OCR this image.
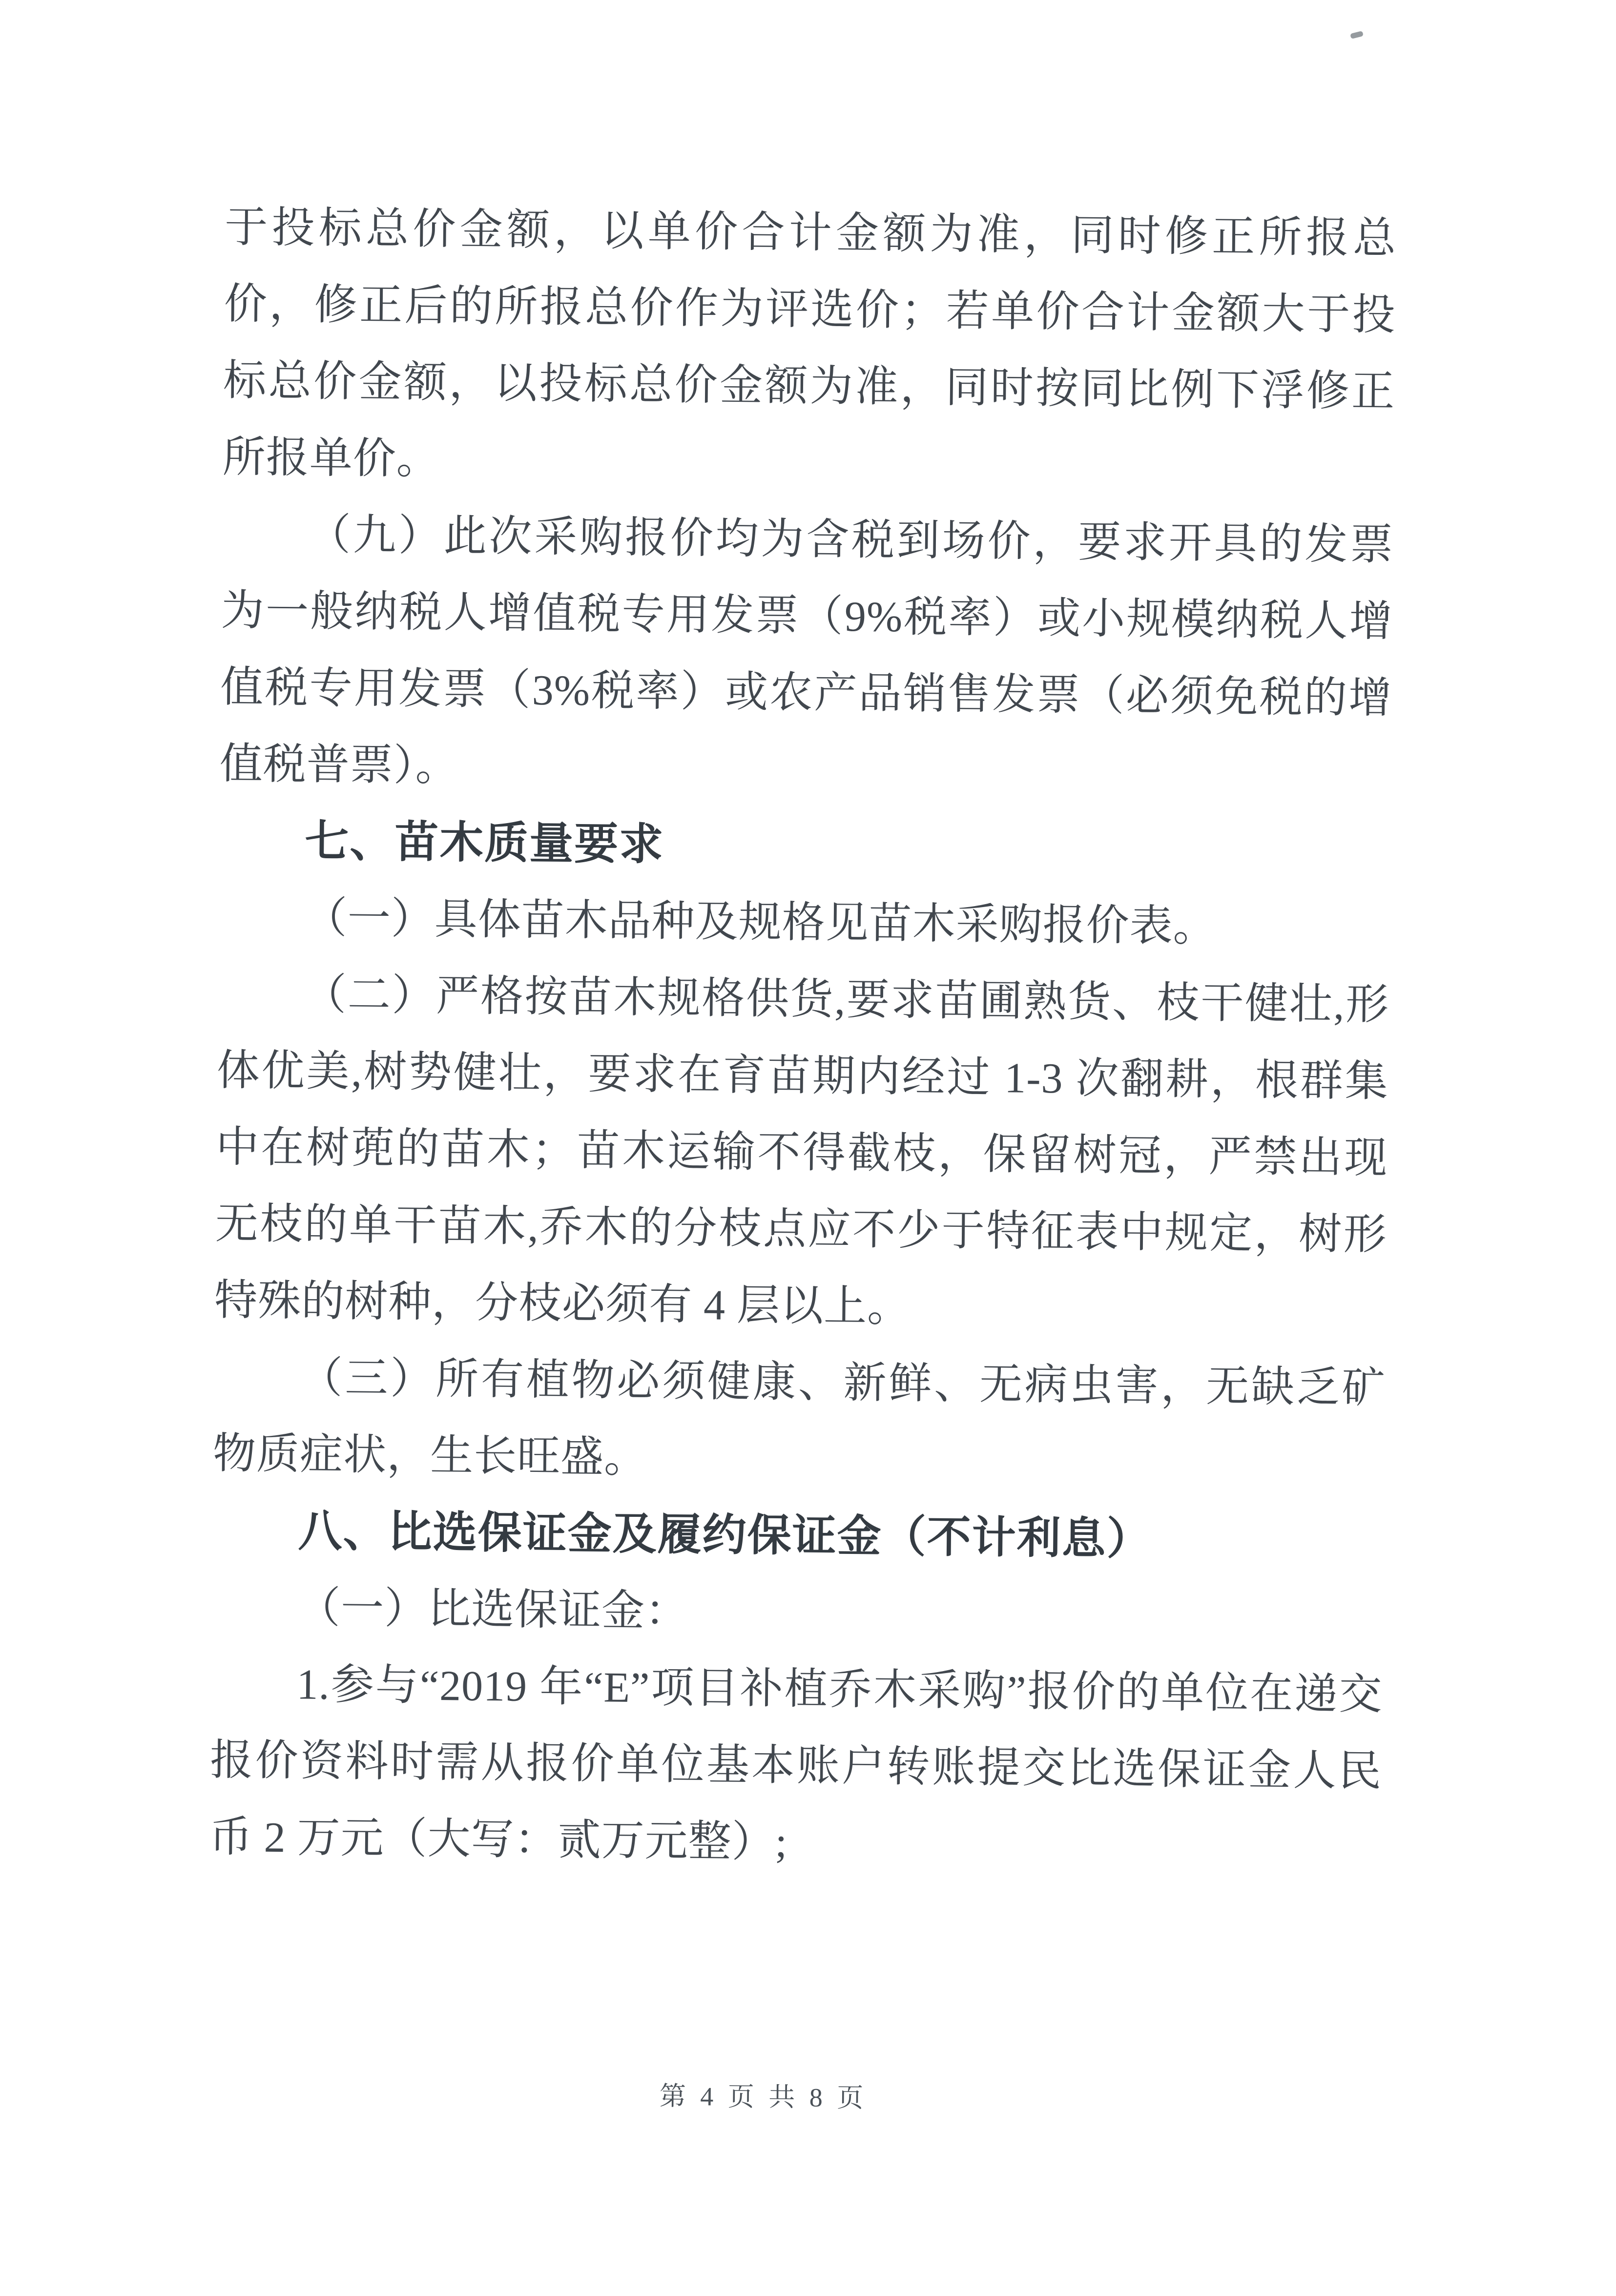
于投标总价金额，以单价合计金额为准，同时修正所报总价，修正后的所报总价作为评选价；若单价合计金额大于投标总价金额，以投标总价金额为准，同时按同比例下浮修正所报单价。

（九）此次采购报价均为含税到场价，要求开具的发票为一般纳税人增值税专用发票（9%税率）或小规模纳税人增值税专用发票（3%税率）或农产品销售发票（必须免税的增值税普票）。

七、苗木质量要求

（一）具体苗木品种及规格见苗木采购报价表。

（二）严格按苗木规格供货,要求苗圃熟货、枝干健壮,形体优美,树势健壮，要求在育苗期内经过 1-3 次翻耕，根群集中在树蔸的苗木；苗木运输不得截枝，保留树冠，严禁出现无枝的单干苗木,乔木的分枝点应不少于特征表中规定，树形特殊的树种，分枝必须有 4 层以上。

（三）所有植物必须健康、新鲜、无病虫害，无缺乏矿物质症状，生长旺盛。

八、比选保证金及履约保证金（不计利息）

（一）比选保证金：

1.参与“2019 年“E”项目补植乔木采购”报价的单位在递交报价资料时需从报价单位基本账户转账提交比选保证金人民币 2 万元（大写：贰万元整）;

第 4 页 共 8 页
